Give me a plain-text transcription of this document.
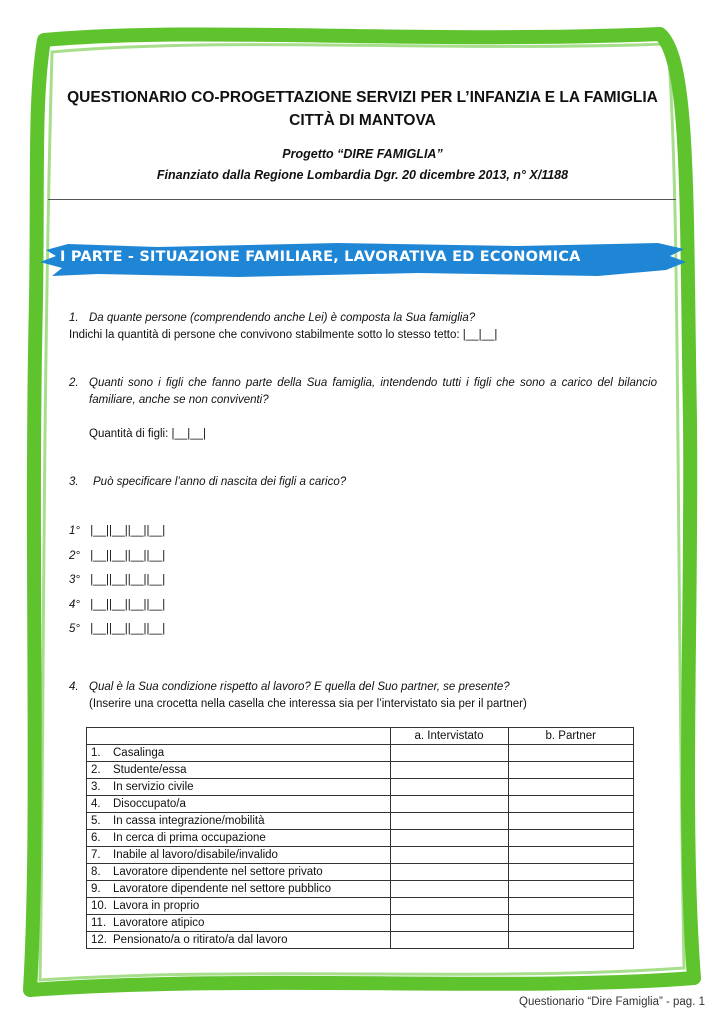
QUESTIONARIO CO-PROGETTAZIONE SERVIZI PER L’INFANZIA E LA FAMIGLIA
CITTÀ DI MANTOVA
Progetto “DIRE FAMIGLIA”
Finanziato dalla Regione Lombardia Dgr. 20 dicembre 2013, n° X/1188
I PARTE - SITUAZIONE FAMILIARE, LAVORATIVA ED ECONOMICA
1. Da quante persone (comprendendo anche Lei) è composta la Sua famiglia?
Indichi la quantità di persone che convivono stabilmente sotto lo stesso tetto: |__|__|
2. Quanti sono i figli che fanno parte della Sua famiglia, intendendo tutti i figli che sono a carico del bilancio familiare, anche se non conviventi?
Quantità di figli: |__|__|
3.	Può specificare l’anno di nascita dei figli a carico?
1° |__||__||__||__|
2° |__||__||__||__|
3° |__||__||__||__|
4° |__||__||__||__|
5° |__||__||__||__|
4. Qual è la Sua condizione rispetto al lavoro? E quella del Suo partner, se presente?
(Inserire una crocetta nella casella che interessa sia per l’intervistato sia per il partner)
	a. Intervistato	b. Partner
1. Casalinga		
2. Studente/essa		
3. In servizio civile		
4. Disoccupato/a		
5. In cassa integrazione/mobilità		
6. In cerca di prima occupazione		
7. Inabile al lavoro/disabile/invalido		
8. Lavoratore dipendente nel settore privato		
9. Lavoratore dipendente nel settore pubblico		
10. Lavora in proprio		
11. Lavoratore atipico		
12. Pensionato/a o ritirato/a dal lavoro		
Questionario “Dire Famiglia” - pag. 1
